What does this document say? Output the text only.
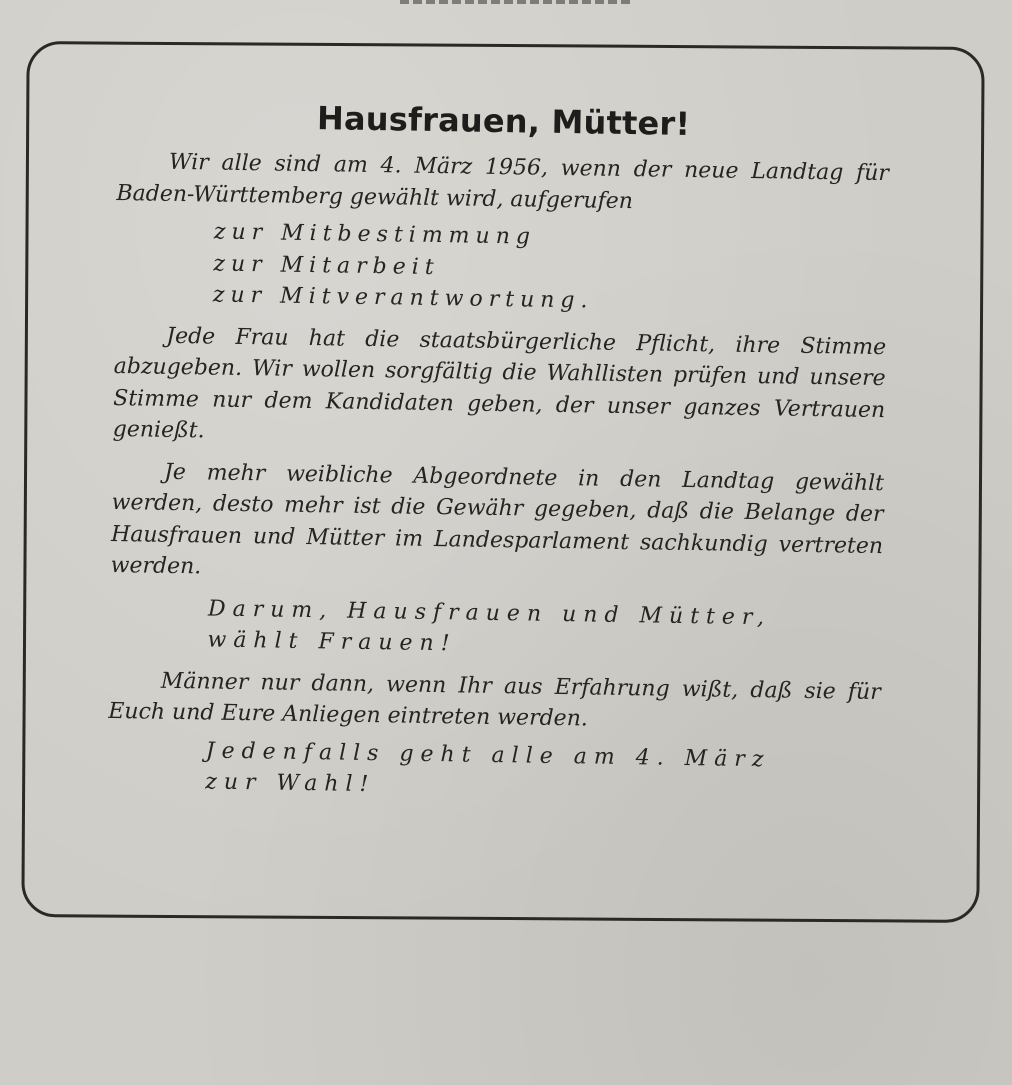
Hausfrauen, Mütter!

Wir alle sind am 4. März 1956, wenn der neue Landtag für Baden-Württemberg gewählt wird, aufgerufen

zur Mitbestimmung

zur Mitarbeit

zur Mitverantwortung.

Jede Frau hat die staatsbürgerliche Pflicht, ihre Stimme abzugeben. Wir wollen sorgfältig die Wahllisten prüfen und unsere Stimme nur dem Kandidaten geben, der unser ganzes Vertrauen genießt.

Je mehr weibliche Abgeordnete in den Landtag gewählt werden, desto mehr ist die Gewähr gegeben, daß die Belange der Hausfrauen und Mütter im Landesparlament sachkundig vertreten werden.

Darum, Hausfrauen und Mütter,

wählt Frauen!

Männer nur dann, wenn Ihr aus Erfahrung wißt, daß sie für Euch und Eure Anliegen eintreten werden.

Jedenfalls geht alle am 4. März

zur Wahl!
